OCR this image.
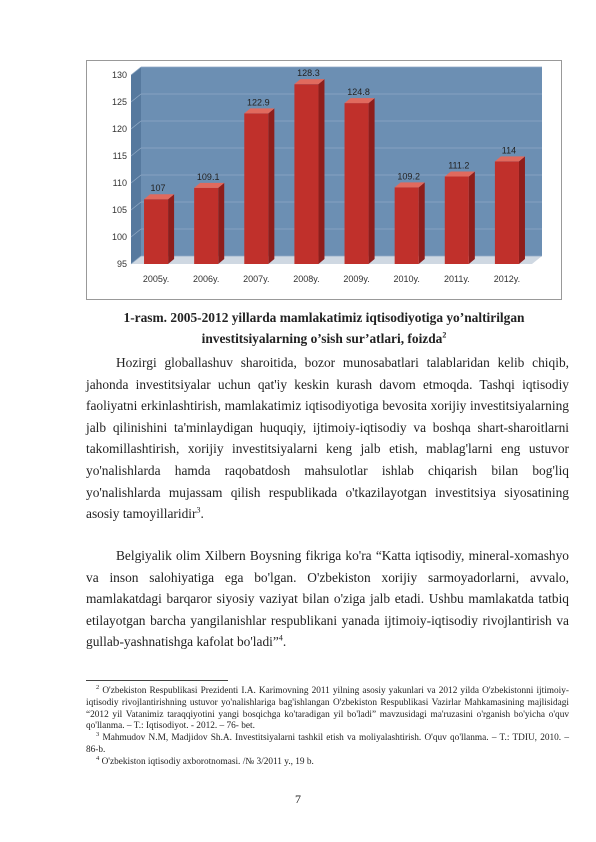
95
100
105
110
115
120
125
130
107
2005y.
109.1
2006y.
122.9
2007y.
128.3
2008y.
124.8
2009y.
109.2
2010y.
111.2
2011y.
114
2012y.
1-rasm. 2005-2012 yillarda mamlakatimiz iqtisodiyotiga yo’naltirilgan
investitsiyalarning o’sish sur’atlari, foizda$^2$

Hozirgi globallashuv sharoitida, bozor munosabatlari talablaridan kelib chiqib, jahonda investitsiyalar uchun qat'iy keskin kurash davom etmoqda. Tashqi iqtisodiy faoliyatni erkinlashtirish, mamlakatimiz iqtisodiyotiga bevosita xorijiy investitsiyalarning jalb qilinishini ta'minlaydigan huquqiy, ijtimoiy-iqtisodiy va boshqa shart-sharoitlarni takomillashtirish, xorijiy investitsiyalarni keng jalb etish, mablag'larni eng ustuvor yo'nalishlarda hamda raqobatdosh mahsulotlar ishlab chiqarish bilan bog'liq yo'nalishlarda mujassam qilish respublikada o'tkazilayotgan investitsiya siyosatining asosiy tamoyillaridir$^3$.

Belgiyalik olim Xilbern Boysning fikriga ko'ra “Katta iqtisodiy, mineral-xomashyo va inson salohiyatiga ega bo'lgan. O'zbekiston xorijiy sarmoyadorlarni, avvalo, mamlakatdagi barqaror siyosiy vaziyat bilan o'ziga jalb etadi. Ushbu mamlakatda tatbiq etilayotgan barcha yangilanishlar respublikani yanada ijtimoiy-iqtisodiy rivojlantirish va gullab-yashnatishga kafolat bo'ladi”$^4$.

$^2$ O'zbekiston Respublikasi Prezidenti I.A. Karimovning 2011 yilning asosiy yakunlari va 2012 yilda O'zbekistonni ijtimoiy-iqtisodiy rivojlantirishning ustuvor yo'nalishlariga bag'ishlangan O'zbekiston Respublikasi Vazirlar Mahkamasining majlisidagi “2012 yil Vatanimiz taraqqiyotini yangi bosqichga ko'taradigan yil bo'ladi” mavzusidagi ma'ruzasini o'rganish bo'yicha o'quv qo'llanma. – T.: Iqtisodiyot. - 2012. – 76- bet.

$^3$ Mahmudov N.M, Madjidov Sh.A. Investitsiyalarni tashkil etish va moliyalashtirish. O'quv qo'llanma. – T.: TDIU, 2010. – 86-b.

$^4$ O'zbekiston iqtisodiy axborotnomasi. /№ 3/2011 y., 19 b.

7
